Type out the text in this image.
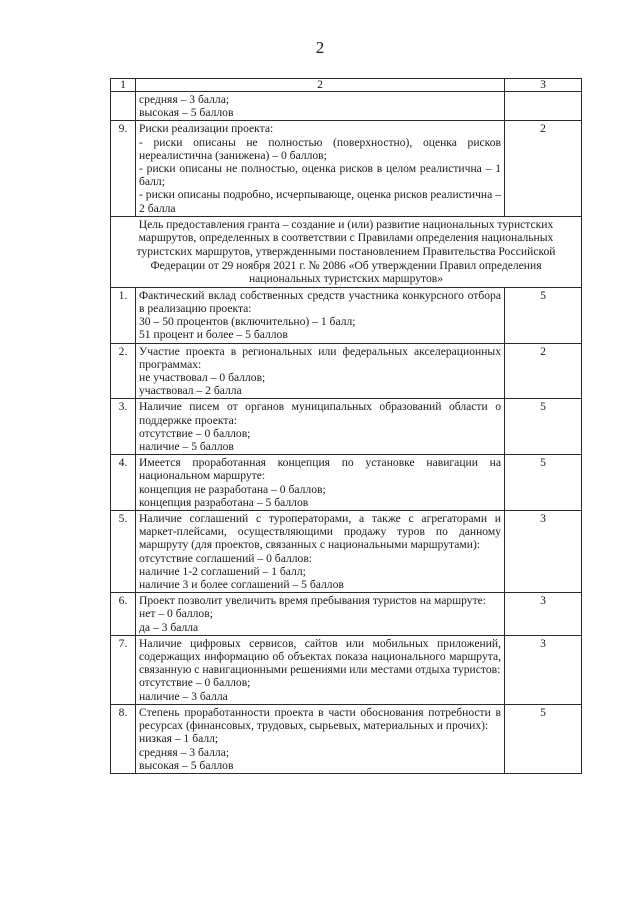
2
1	2	3

	средняя – 3 балла;
высокая – 5 баллов	

9.	Риски реализации проекта:
- риски описаны не полностью (поверхностно), оценка рисков нереалистична (занижена) – 0 баллов;
- риски описаны не полностью, оценка рисков в целом реалистична – 1 балл;
- риски описаны подробно, исчерпывающе, оценка рисков реалистична – 2 балла	2
Цель предоставления гранта – создание и (или) развитие национальных туристских маршрутов, определенных в соответствии с Правилами определения национальных туристских маршрутов, утвержденными постановлением Правительства Российской Федерации от 29 ноября 2021 г. № 2086 «Об утверждении Правил определения национальных туристских маршрутов»		
1.	Фактический вклад собственных средств участника конкурсного отбора в реализацию проекта:
30 – 50 процентов (включительно) – 1 балл;
51 процент и более – 5 баллов	5
2.	Участие проекта в региональных или федеральных акселерационных программах:
не участвовал – 0 баллов;
участвовал – 2 балла	2
3.	Наличие писем от органов муниципальных образований области о поддержке проекта:
отсутствие – 0 баллов;
наличие – 5 баллов	5
4.	Имеется проработанная концепция по установке навигации на национальном маршруте:
концепция не разработана – 0 баллов;
концепция разработана – 5 баллов	5
5.	Наличие соглашений с туроператорами, а также с агрегаторами и маркет-плейсами, осуществляющими продажу туров по данному маршруту (для проектов, связанных с национальными маршрутами):
отсутствие соглашений – 0 баллов:
наличие 1-2 соглашений – 1 балл;
наличие 3 и более соглашений – 5 баллов	3
6.	Проект позволит увеличить время пребывания туристов на маршруте:
нет – 0 баллов;
да – 3 балла	3
7.	Наличие цифровых сервисов, сайтов или мобильных приложений, содержащих информацию об объектах показа национального маршрута, связанную с навигационными решениями или местами отдыха туристов:
отсутствие – 0 баллов;
наличие – 3 балла	3
8.	Степень проработанности проекта в части обоснования потребности в ресурсах (финансовых, трудовых, сырьевых, материальных и прочих):
низкая – 1 балл;
средняя – 3 балла;
высокая – 5 баллов	5
